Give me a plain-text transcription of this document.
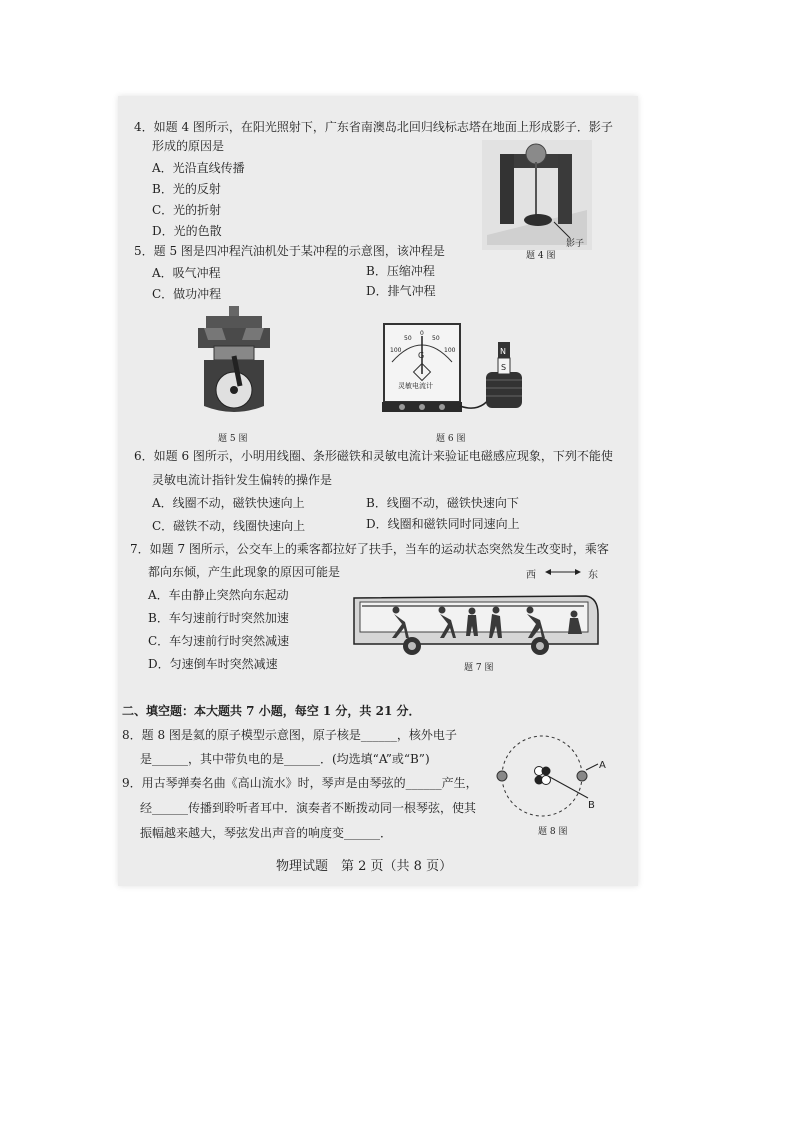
4．如题 4 图所示，在阳光照射下，广东省南澳岛北回归线标志塔在地面上形成影子．影子
形成的原因是
A．光沿直线传播
B．光的反射
C．光的折射
D．光的色散
影子
题 4 图
5．题 5 图是四冲程汽油机处于某冲程的示意图，该冲程是
A．吸气冲程	B．压缩冲程
C．做功冲程	D．排气冲程
题 5 图
100
50
0
50
100
G
灵敏电流计
N
S
题 6 图
6．如题 6 图所示，小明用线圈、条形磁铁和灵敏电流计来验证电磁感应现象，下列不能使
灵敏电流计指针发生偏转的操作是
A．线圈不动，磁铁快速向上	B．线圈不动，磁铁快速向下
C．磁铁不动，线圈快速向上	D．线圈和磁铁同时同速向上
7．如题 7 图所示，公交车上的乘客都拉好了扶手，当车的运动状态突然发生改变时，乘客
都向东倾，产生此现象的原因可能是
A．车由静止突然向东起动
B．车匀速前行时突然加速
C．车匀速前行时突然减速
D．匀速倒车时突然减速
西	东
题 7 图
二、填空题：本大题共 7 小题，每空 1 分，共 21 分．
8．题 8 图是氦的原子模型示意图，原子核是______，核外电子
是______，其中带负电的是______．(均选填“A”或“B”)	A
B
题 8 图
9．用古琴弹奏名曲《高山流水》时，琴声是由琴弦的______产生，
经______传播到聆听者耳中．演奏者不断拨动同一根琴弦，使其
振幅越来越大，琴弦发出声音的响度变______．
物理试题　第 2 页（共 8 页）
